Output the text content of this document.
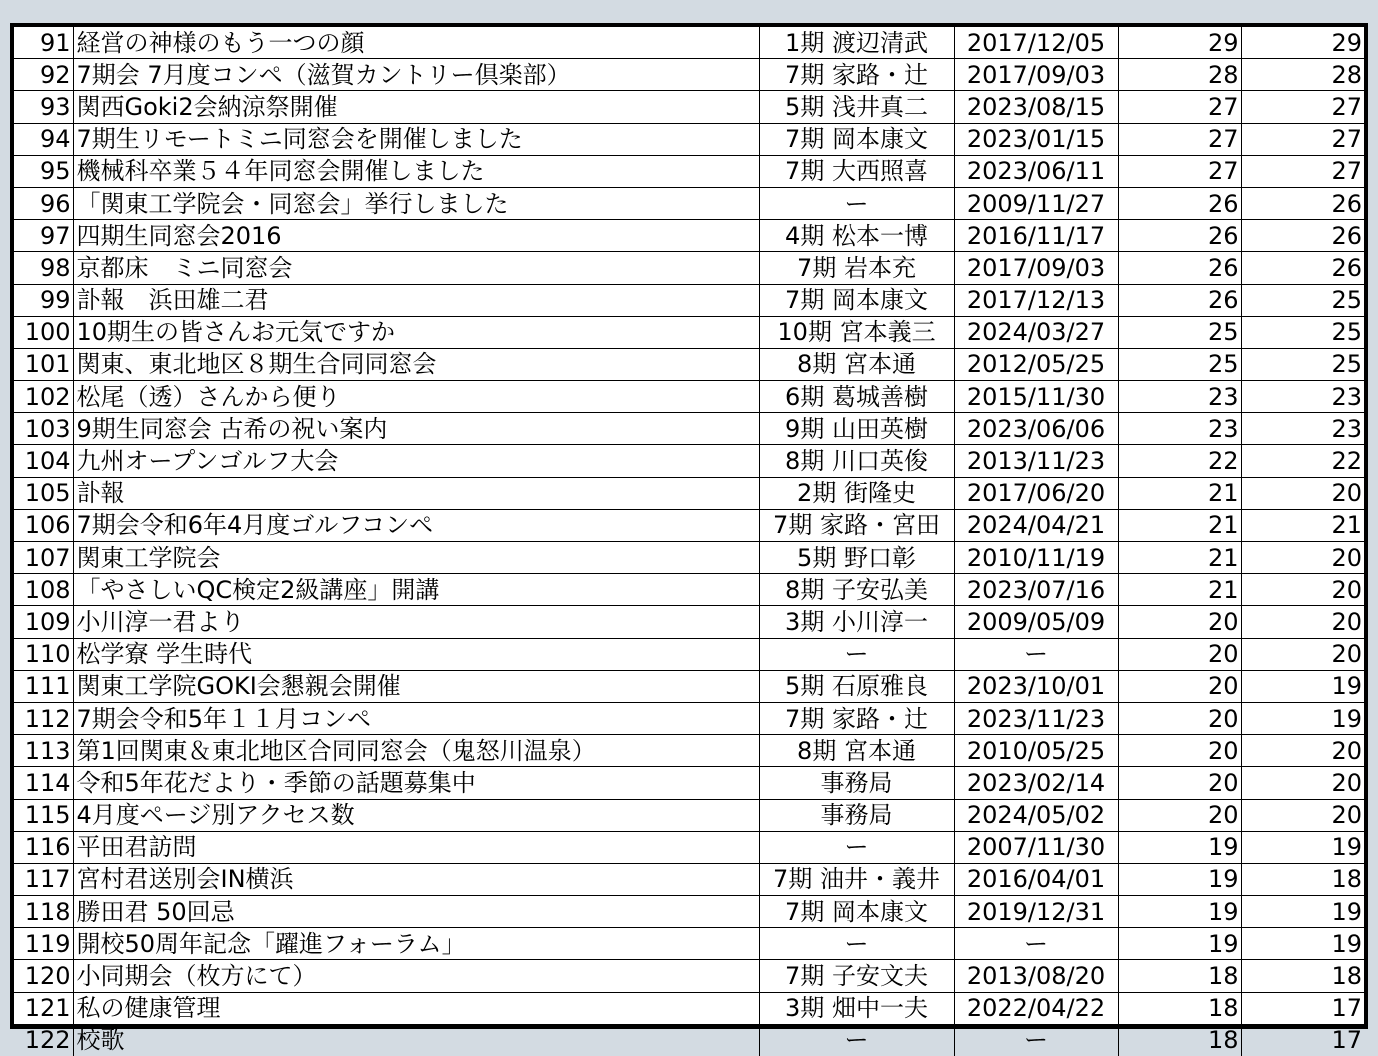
91	経営の神様のもう一つの顔	1期 渡辺清武	2017/12/05	29	29
92	7期会 7月度コンペ（滋賀カントリー倶楽部）	7期 家路・辻	2017/09/03	28	28
93	関西Goki2会納涼祭開催	5期 浅井真二	2023/08/15	27	27
94	7期生リモートミニ同窓会を開催しました	7期 岡本康文	2023/01/15	27	27
95	機械科卒業５４年同窓会開催しました	7期 大西照喜	2023/06/11	27	27
96	「関東工学院会・同窓会」挙行しました	ー	2009/11/27	26	26
97	四期生同窓会2016	4期 松本一博	2016/11/17	26	26
98	京都床　ミニ同窓会	7期 岩本充	2017/09/03	26	26
99	訃報　浜田雄二君	7期 岡本康文	2017/12/13	26	25
100	10期生の皆さんお元気ですか	10期 宮本義三	2024/03/27	25	25
101	関東、東北地区８期生合同同窓会	8期 宮本通	2012/05/25	25	25
102	松尾（透）さんから便り	6期 葛城善樹	2015/11/30	23	23
103	9期生同窓会 古希の祝い案内	9期 山田英樹	2023/06/06	23	23
104	九州オープンゴルフ大会	8期 川口英俊	2013/11/23	22	22
105	訃報	2期 街隆史	2017/06/20	21	20
106	7期会令和6年4月度ゴルフコンペ	7期 家路・宮田	2024/04/21	21	21
107	関東工学院会	5期 野口彰	2010/11/19	21	20
108	「やさしいQC検定2級講座」開講	8期 子安弘美	2023/07/16	21	20
109	小川淳一君より	3期 小川淳一	2009/05/09	20	20
110	松学寮 学生時代	ー	ー	20	20
111	関東工学院GOKI会懇親会開催	5期 石原雅良	2023/10/01	20	19
112	7期会令和5年１１月コンペ	7期 家路・辻	2023/11/23	20	19
113	第1回関東＆東北地区合同同窓会（鬼怒川温泉）	8期 宮本通	2010/05/25	20	20
114	令和5年花だより・季節の話題募集中	事務局	2023/02/14	20	20
115	4月度ページ別アクセス数	事務局	2024/05/02	20	20
116	平田君訪問	ー	2007/11/30	19	19
117	宮村君送別会IN横浜	7期 油井・義井	2016/04/01	19	18
118	勝田君 50回忌	7期 岡本康文	2019/12/31	19	19
119	開校50周年記念「躍進フォーラム」	ー	ー	19	19
120	小同期会（枚方にて）	7期 子安文夫	2013/08/20	18	18
121	私の健康管理	3期 畑中一夫	2022/04/22	18	17
122	校歌	ー	ー	18	17
